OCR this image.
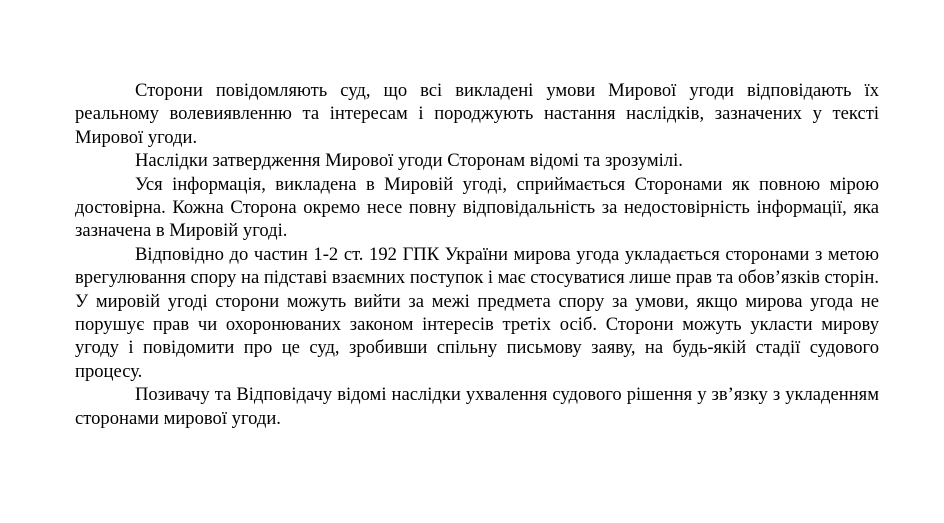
Сторони повідомляють суд, що всі викладені умови Мирової угоди відповідають їх реальному волевиявленню та інтересам і породжують настання наслідків, зазначених у тексті Мирової угоди.

Наслідки затвердження Мирової угоди Сторонам відомі та зрозумілі.

Уся інформація, викладена в Мировій угоді, сприймається Сторонами як повною мірою достовірна. Кожна Сторона окремо несе повну відповідальність за недостовірність інформації, яка зазначена в Мировій угоді.

Відповідно до частин 1-2 ст. 192 ГПК України мирова угода укладається сторонами з метою врегулювання спору на підставі взаємних поступок і має стосуватися лише прав та обов’язків сторін. У мировій угоді сторони можуть вийти за межі предмета спору за умови, якщо мирова угода не порушує прав чи охоронюваних законом інтересів третіх осіб. Сторони можуть укласти мирову угоду і повідомити про це суд, зробивши спільну письмову заяву, на будь-якій стадії судового процесу.

Позивачу та Відповідачу відомі наслідки ухвалення судового рішення у зв’язку з укладенням сторонами мирової угоди.
